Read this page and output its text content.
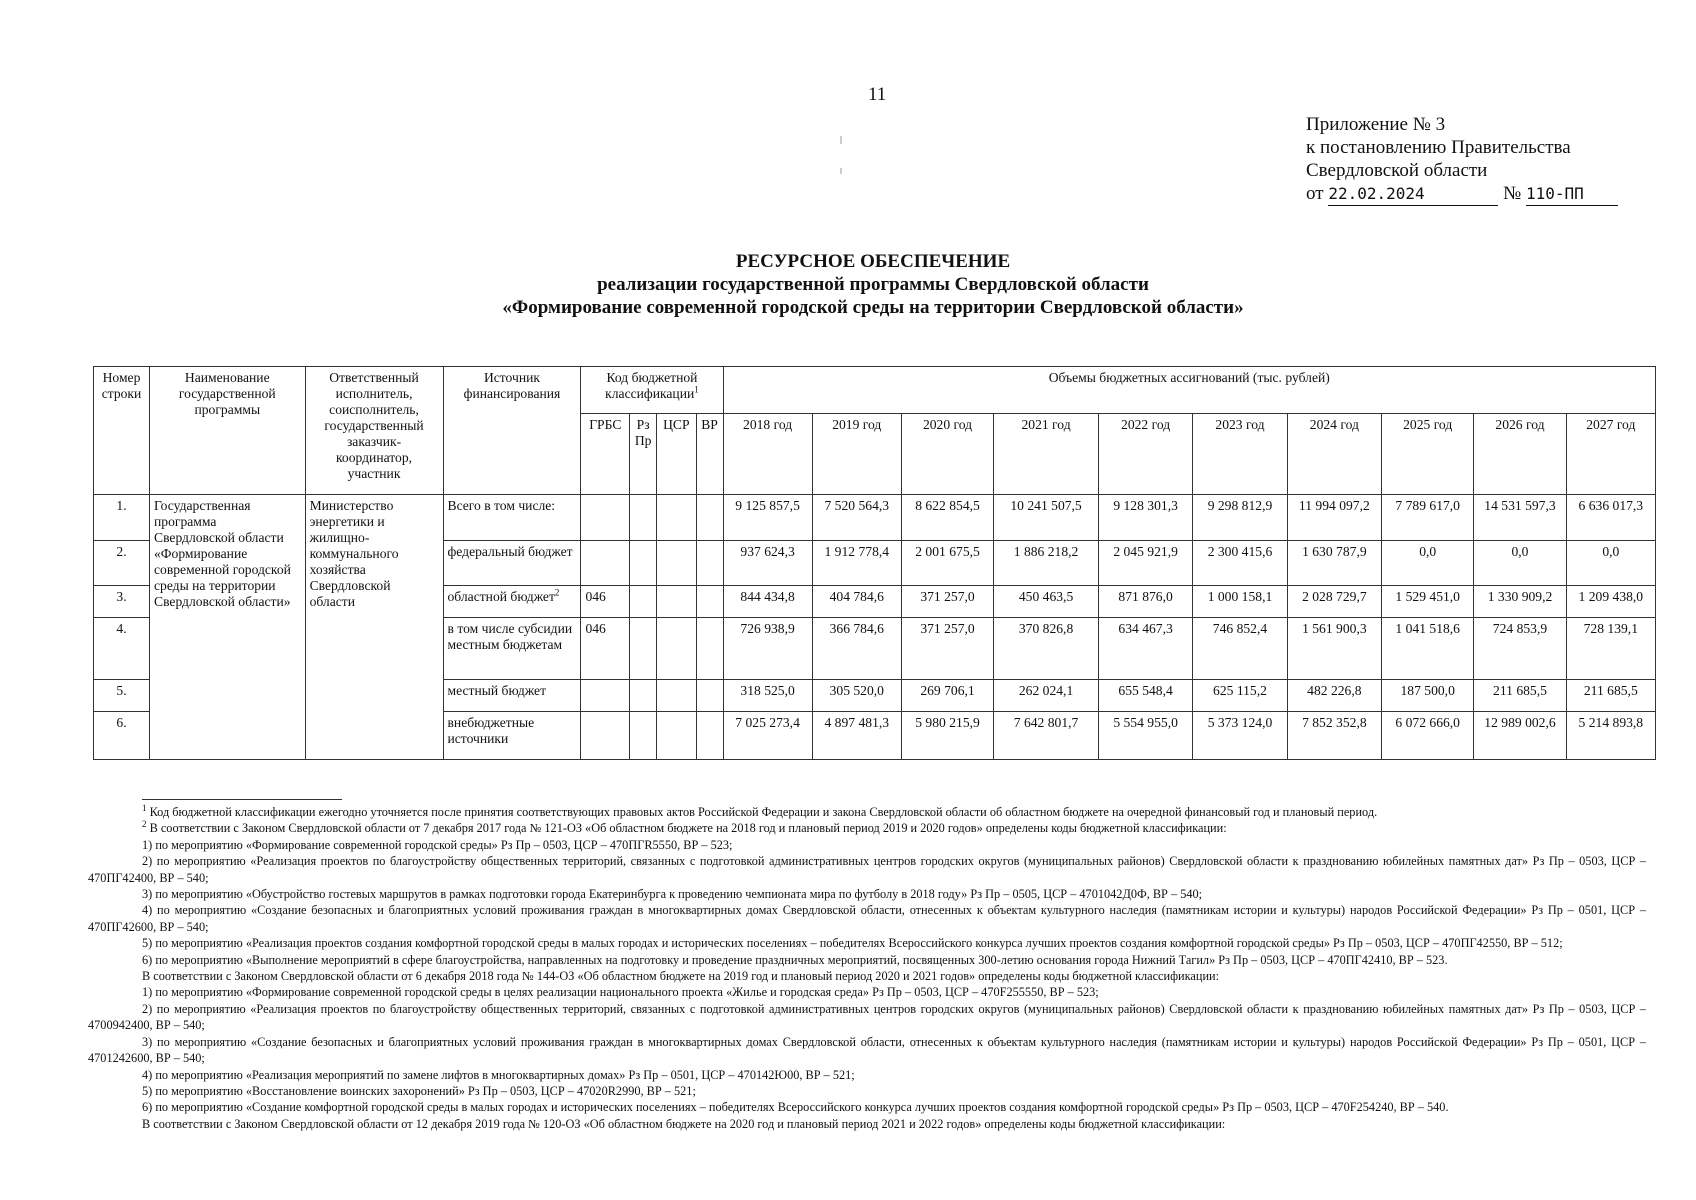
11
Приложение № 3
к постановлению Правительства
Свердловской области
от 22.02.2024	№ 110-ПП
РЕСУРСНОЕ ОБЕСПЕЧЕНИЕ
реализации государственной программы Свердловской области
«Формирование современной городской среды на территории Свердловской области»
Номер строки	Наименование государственной программы	Ответственный исполнитель, соисполнитель, государственный заказчик-координатор, участник	Источник финансирования	Код бюджетной классификации$^1$				Объемы бюджетных ассигнований (тыс. рублей)									
				ГРБС	Рз Пр	ЦСР	ВР	2018 год	2019 год	2020 год	2021 год	2022 год	2023 год	2024 год	2025 год	2026 год	2027 год
1.	Государственная программа Свердловской области «Формирование современной городской среды на территории Свердловской области»	Министерство энергетики и жилищно-коммунального хозяйства Свердловской области	Всего в том числе:					9 125 857,5	7 520 564,3	8 622 854,5	10 241 507,5	9 128 301,3	9 298 812,9	11 994 097,2	7 789 617,0	14 531 597,3	6 636 017,3
2.			федеральный бюджет					937 624,3	1 912 778,4	2 001 675,5	1 886 218,2	2 045 921,9	2 300 415,6	1 630 787,9	0,0	0,0	0,0
3.			областной бюджет$^2$	046				844 434,8	404 784,6	371 257,0	450 463,5	871 876,0	1 000 158,1	2 028 729,7	1 529 451,0	1 330 909,2	1 209 438,0
4.			в том числе субсидии местным бюджетам	046				726 938,9	366 784,6	371 257,0	370 826,8	634 467,3	746 852,4	1 561 900,3	1 041 518,6	724 853,9	728 139,1
5.			местный бюджет					318 525,0	305 520,0	269 706,1	262 024,1	655 548,4	625 115,2	482 226,8	187 500,0	211 685,5	211 685,5
6.			внебюджетные источники					7 025 273,4	4 897 481,3	5 980 215,9	7 642 801,7	5 554 955,0	5 373 124,0	7 852 352,8	6 072 666,0	12 989 002,6	5 214 893,8

$^1$ Код бюджетной классификации ежегодно уточняется после принятия соответствующих правовых актов Российской Федерации и закона Свердловской области об областном бюджете на очередной финансовый год и плановый период.

$^2$ В соответствии с Законом Свердловской области от 7 декабря 2017 года № 121-ОЗ «Об областном бюджете на 2018 год и плановый период 2019 и 2020 годов» определены коды бюджетной классификации:

1) по мероприятию «Формирование современной городской среды» Рз Пр – 0503, ЦСР – 470ПГR5550, ВР – 523;

2) по мероприятию «Реализация проектов по благоустройству общественных территорий, связанных с подготовкой административных центров городских округов (муниципальных районов) Свердловской области к празднованию юбилейных памятных дат» Рз Пр – 0503, ЦСР – 470ПГ42400, ВР – 540;

3) по мероприятию «Обустройство гостевых маршрутов в рамках подготовки города Екатеринбурга к проведению чемпионата мира по футболу в 2018 году» Рз Пр – 0505, ЦСР – 4701042Д0Ф, ВР – 540;

4) по мероприятию «Создание безопасных и благоприятных условий проживания граждан в многоквартирных домах Свердловской области, отнесенных к объектам культурного наследия (памятникам истории и культуры) народов Российской Федерации» Рз Пр – 0501, ЦСР – 470ПГ42600, ВР – 540;

5) по мероприятию «Реализация проектов создания комфортной городской среды в малых городах и исторических поселениях – победителях Всероссийского конкурса лучших проектов создания комфортной городской среды» Рз Пр – 0503, ЦСР – 470ПГ42550, ВР – 512;

6) по мероприятию «Выполнение мероприятий в сфере благоустройства, направленных на подготовку и проведение праздничных мероприятий, посвященных 300-летию основания города Нижний Тагил» Рз Пр – 0503, ЦСР – 470ПГ42410, ВР – 523.

В соответствии с Законом Свердловской области от 6 декабря 2018 года № 144-ОЗ «Об областном бюджете на 2019 год и плановый период 2020 и 2021 годов» определены коды бюджетной классификации:

1) по мероприятию «Формирование современной городской среды в целях реализации национального проекта «Жилье и городская среда» Рз Пр – 0503, ЦСР – 470F255550, ВР – 523;

2) по мероприятию «Реализация проектов по благоустройству общественных территорий, связанных с подготовкой административных центров городских округов (муниципальных районов) Свердловской области к празднованию юбилейных памятных дат» Рз Пр – 0503, ЦСР – 4700942400, ВР – 540;

3) по мероприятию «Создание безопасных и благоприятных условий проживания граждан в многоквартирных домах Свердловской области, отнесенных к объектам культурного наследия (памятникам истории и культуры) народов Российской Федерации» Рз Пр – 0501, ЦСР – 4701242600, ВР – 540;

4) по мероприятию «Реализация мероприятий по замене лифтов в многоквартирных домах» Рз Пр – 0501, ЦСР – 470142Ю00, ВР – 521;

5) по мероприятию «Восстановление воинских захоронений» Рз Пр – 0503, ЦСР – 47020R2990, ВР – 521;

6) по мероприятию «Создание комфортной городской среды в малых городах и исторических поселениях – победителях Всероссийского конкурса лучших проектов создания комфортной городской среды» Рз Пр – 0503, ЦСР – 470F254240, ВР – 540.

В соответствии с Законом Свердловской области от 12 декабря 2019 года № 120-ОЗ «Об областном бюджете на 2020 год и плановый период 2021 и 2022 годов» определены коды бюджетной классификации:
